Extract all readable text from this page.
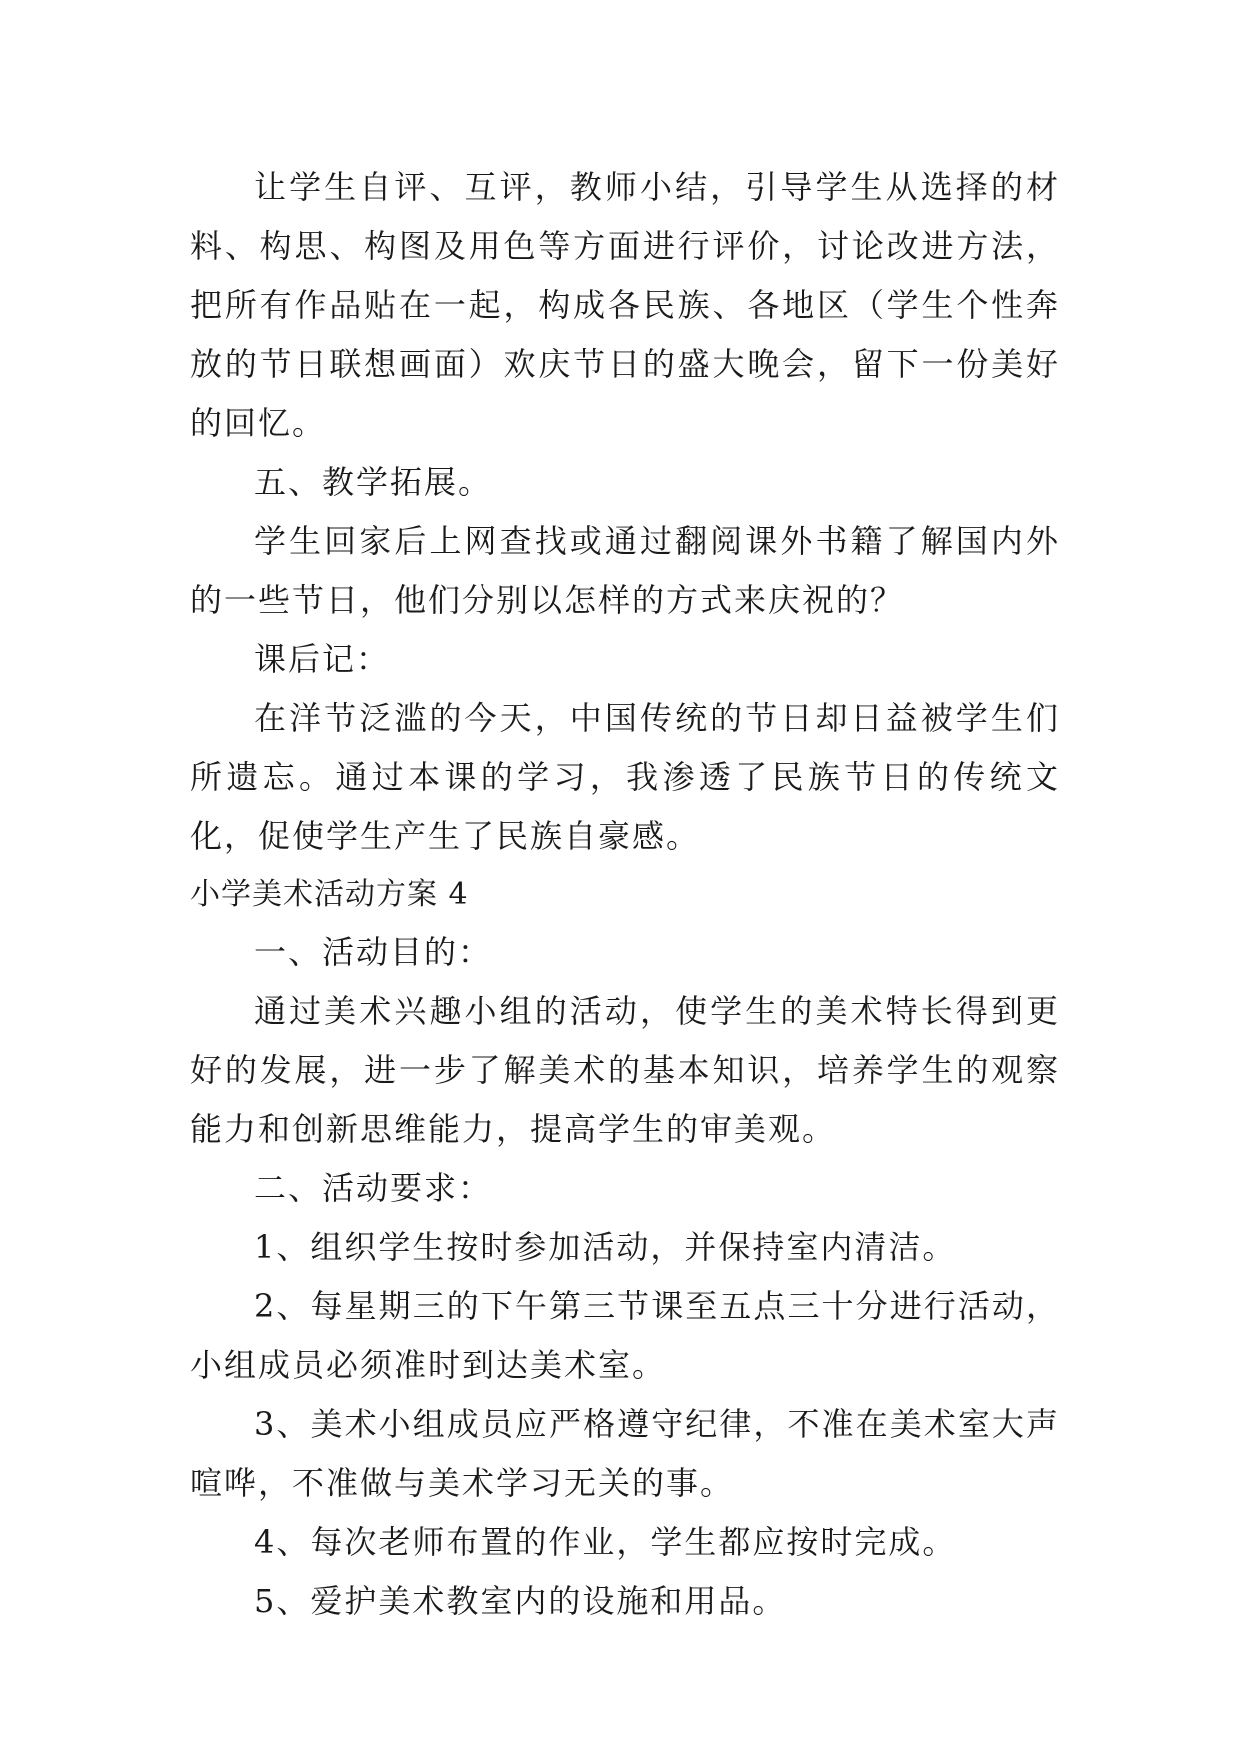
让学生自评、互评，教师小结，引导学生从选择的材料、构思、构图及用色等方面进行评价，讨论改进方法，把所有作品贴在一起，构成各民族、各地区（学生个性奔放的节日联想画面）欢庆节日的盛大晚会，留下一份美好的回忆。

五、教学拓展。

学生回家后上网查找或通过翻阅课外书籍了解国内外的一些节日，他们分别以怎样的方式来庆祝的？

课后记：

在洋节泛滥的今天，中国传统的节日却日益被学生们所遗忘。通过本课的学习，我渗透了民族节日的传统文化，促使学生产生了民族自豪感。

小学美术活动方案 4

一、活动目的：

通过美术兴趣小组的活动，使学生的美术特长得到更好的发展，进一步了解美术的基本知识，培养学生的观察能力和创新思维能力，提高学生的审美观。

二、活动要求：

1、组织学生按时参加活动，并保持室内清洁。

2、每星期三的下午第三节课至五点三十分进行活动，小组成员必须准时到达美术室。

3、美术小组成员应严格遵守纪律，不准在美术室大声喧哗，不准做与美术学习无关的事。

4、每次老师布置的作业，学生都应按时完成。

5、爱护美术教室内的设施和用品。
